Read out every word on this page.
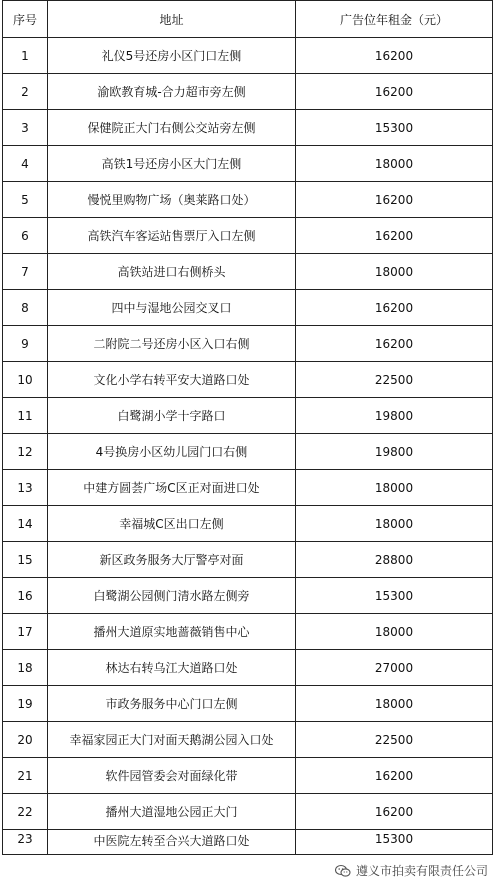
序号	地址	广告位年租金（元）
1	礼仪5号还房小区门口左侧	16200
2	渝欧教育城-合力超市旁左侧	16200
3	保健院正大门右侧公交站旁左侧	15300
4	高铁1号还房小区大门左侧	18000
5	慢悦里购物广场（奥莱路口处）	16200
6	高铁汽车客运站售票厅入口左侧	16200
7	高铁站进口右侧桥头	18000
8	四中与湿地公园交叉口	16200
9	二附院二号还房小区入口右侧	16200
10	文化小学右转平安大道路口处	22500
11	白鹭湖小学十字路口	19800
12	4号换房小区幼儿园门口右侧	19800
13	中建方圆荟广场C区正对面进口处	18000
14	幸福城C区出口左侧	18000
15	新区政务服务大厅警亭对面	28800
16	白鹭湖公园侧门清水路左侧旁	15300
17	播州大道原实地蔷薇销售中心	18000
18	林达右转乌江大道路口处	27000
19	市政务服务中心门口左侧	18000
20	幸福家园正大门对面天鹅湖公园入口处	22500
21	软件园管委会对面绿化带	16200
22	播州大道湿地公园正大门	16200
23	中医院左转至合兴大道路口处	15300
遵义市拍卖有限责任公司
